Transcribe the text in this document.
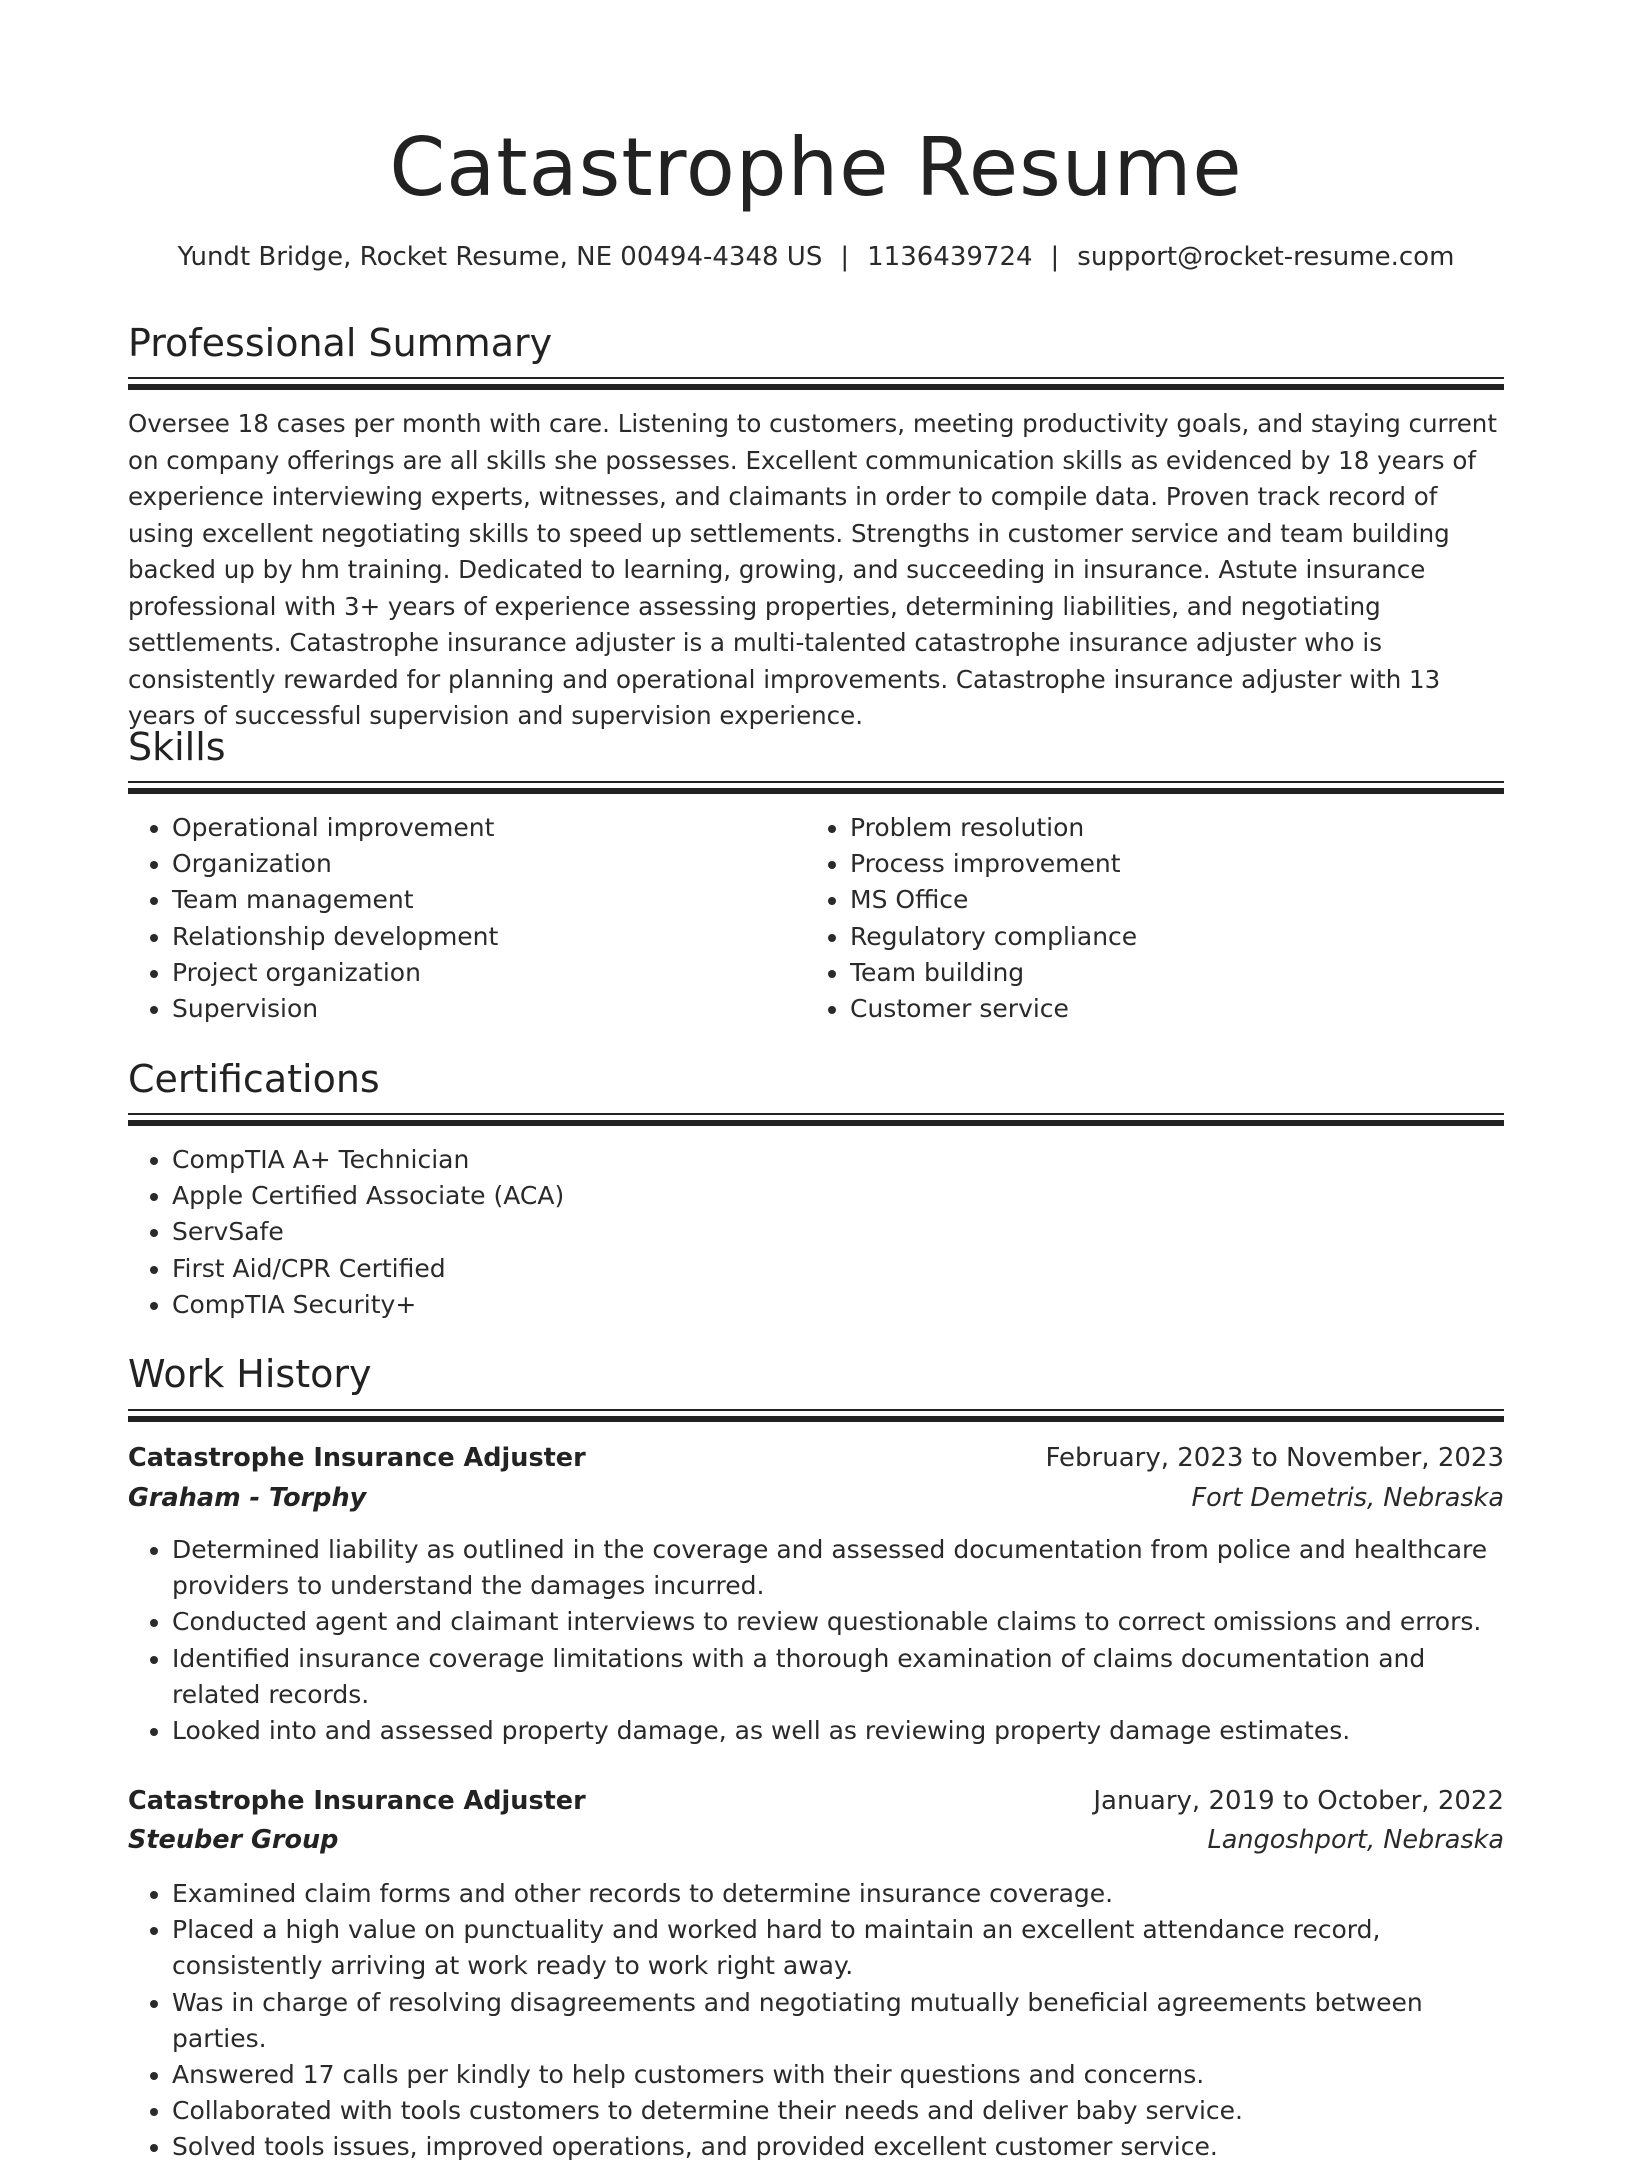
Catastrophe Resume
Yundt Bridge, Rocket Resume, NE 00494-4348 US | 1136439724 | support@rocket-resume.com
Professional Summary

Oversee 18 cases per month with care. Listening to customers, meeting productivity goals, and staying current on company offerings are all skills she possesses. Excellent communication skills as evidenced by 18 years of experience interviewing experts, witnesses, and claimants in order to compile data. Proven track record of using excellent negotiating skills to speed up settlements. Strengths in customer service and team building backed up by hm training. Dedicated to learning, growing, and succeeding in insurance. Astute insurance professional with 3+ years of experience assessing properties, determining liabilities, and negotiating settlements. Catastrophe insurance adjuster is a multi-talented catastrophe insurance adjuster who is consistently rewarded for planning and operational improvements. Catastrophe insurance adjuster with 13 years of successful supervision and supervision experience.

Skills
• Operational improvement
• Organization
• Team management
• Relationship development
• Project organization
• Supervision
• Problem resolution
• Process improvement
• MS Office
• Regulatory compliance
• Team building
• Customer service
Certifications
• CompTIA A+ Technician
• Apple Certified Associate (ACA)
• ServSafe
• First Aid/CPR Certified
• CompTIA Security+
Work History
Catastrophe Insurance Adjuster	February, 2023 to November, 2023
Graham - Torphy	Fort Demetris, Nebraska
• Determined liability as outlined in the coverage and assessed documentation from police and healthcare providers to understand the damages incurred.
• Conducted agent and claimant interviews to review questionable claims to correct omissions and errors.
• Identified insurance coverage limitations with a thorough examination of claims documentation and related records.
• Looked into and assessed property damage, as well as reviewing property damage estimates.
Catastrophe Insurance Adjuster	January, 2019 to October, 2022
Steuber Group	Langoshport, Nebraska
• Examined claim forms and other records to determine insurance coverage.
• Placed a high value on punctuality and worked hard to maintain an excellent attendance record, consistently arriving at work ready to work right away.
• Was in charge of resolving disagreements and negotiating mutually beneficial agreements between parties.
• Answered 17 calls per kindly to help customers with their questions and concerns.
• Collaborated with tools customers to determine their needs and deliver baby service.
• Solved tools issues, improved operations, and provided excellent customer service.
